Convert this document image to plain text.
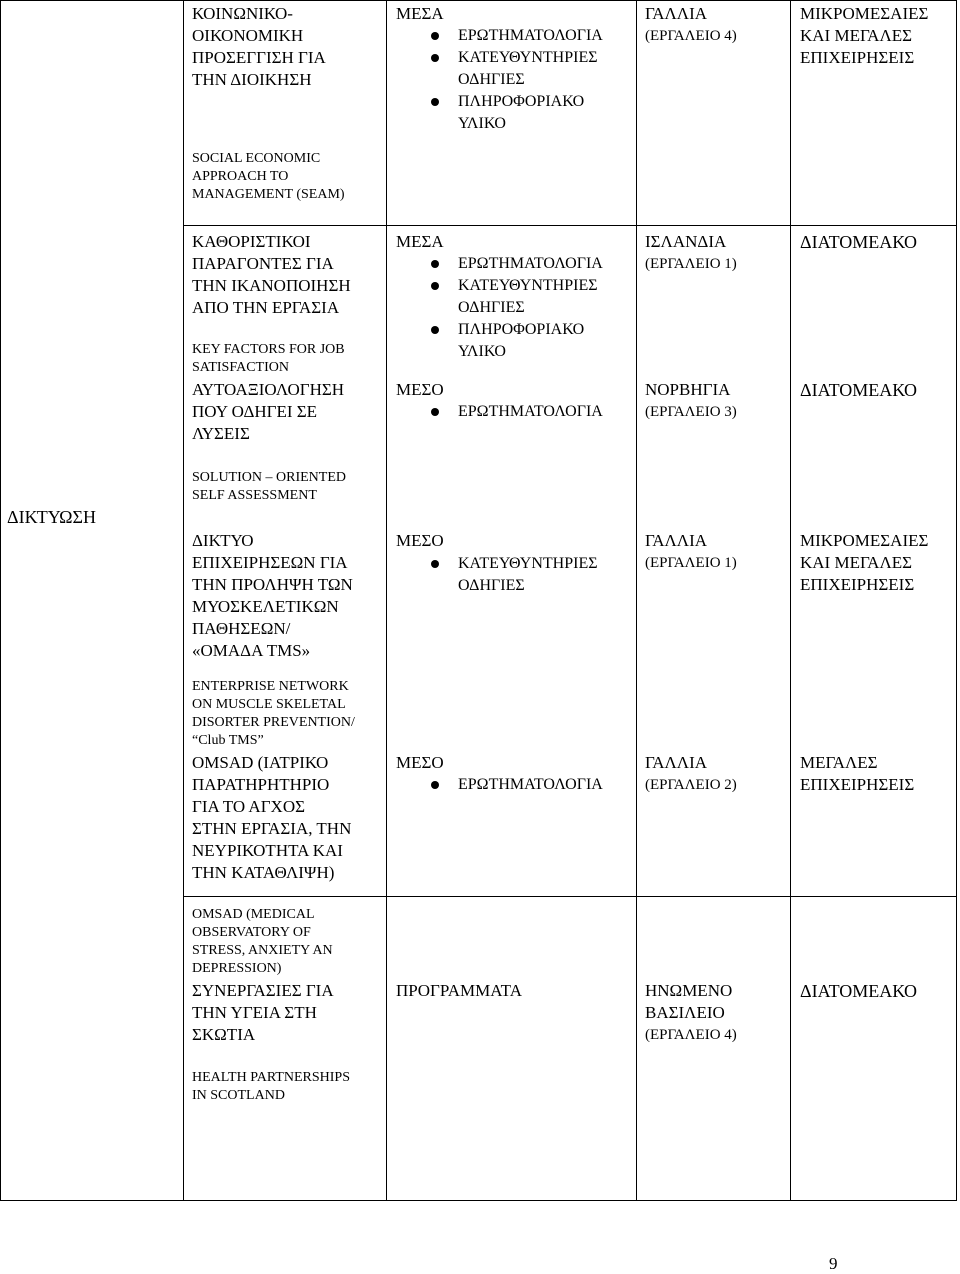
ΔΙΚΤΥΩΣΗ
ΚΟΙΝΩΝΙΚΟ-
ΟΙΚΟΝΟΜΙΚΗ
ΠΡΟΣΕΓΓΙΣΗ ΓΙΑ
ΤΗΝ ΔΙΟΙΚΗΣΗ
SOCIAL ECONOMIC
APPROACH TO
MANAGEMENT (SEAM)
ΜΕΣΑ
ΕΡΩΤΗΜΑΤΟΛΟΓΙΑ
ΚΑΤΕΥΘΥΝΤΗΡΙΕΣ
ΟΔΗΓΙΕΣ
ΠΛΗΡΟΦΟΡΙΑΚΟ
ΥΛΙΚΟ
ΓΑΛΛΙΑ
(ΕΡΓΑΛΕΙΟ 4)
ΜΙΚΡΟΜΕΣΑΙΕΣ
ΚΑΙ ΜΕΓΑΛΕΣ
ΕΠΙΧΕΙΡΗΣΕΙΣ
ΚΑΘΟΡΙΣΤΙΚΟΙ
ΠΑΡΑΓΟΝΤΕΣ ΓΙΑ
ΤΗΝ ΙΚΑΝΟΠΟΙΗΣΗ
ΑΠΟ ΤΗΝ ΕΡΓΑΣΙΑ
KEY FACTORS FOR JOB
SATISFACTION
ΜΕΣΑ
ΕΡΩΤΗΜΑΤΟΛΟΓΙΑ
ΚΑΤΕΥΘΥΝΤΗΡΙΕΣ
ΟΔΗΓΙΕΣ
ΠΛΗΡΟΦΟΡΙΑΚΟ
ΥΛΙΚΟ
ΙΣΛΑΝΔΙΑ
(ΕΡΓΑΛΕΙΟ 1)
ΔΙΑΤΟΜΕΑΚΟ
ΑΥΤΟΑΞΙΟΛΟΓΗΣΗ
ΠΟΥ ΟΔΗΓΕΙ ΣΕ
ΛΥΣΕΙΣ
SOLUTION – ORIENTED
SELF ASSESSMENT
ΜΕΣΟ
ΕΡΩΤΗΜΑΤΟΛΟΓΙΑ
ΝΟΡΒΗΓΙΑ
(ΕΡΓΑΛΕΙΟ 3)
ΔΙΑΤΟΜΕΑΚΟ
ΔΙΚΤΥΟ
ΕΠΙΧΕΙΡΗΣΕΩΝ ΓΙΑ
ΤΗΝ ΠΡΟΛΗΨΗ ΤΩΝ
ΜΥΟΣΚΕΛΕΤΙΚΩΝ
ΠΑΘΗΣΕΩΝ/
«ΟΜΑΔΑ TMS»
ENTERPRISE NETWORK
ON MUSCLE SKELETAL
DISORTER PREVENTION/
“Club TMS”
ΜΕΣΟ
ΚΑΤΕΥΘΥΝΤΗΡΙΕΣ
ΟΔΗΓΙΕΣ
ΓΑΛΛΙΑ
(ΕΡΓΑΛΕΙΟ 1)
ΜΙΚΡΟΜΕΣΑΙΕΣ
ΚΑΙ ΜΕΓΑΛΕΣ
ΕΠΙΧΕΙΡΗΣΕΙΣ
OMSAD (ΙΑΤΡΙΚΟ
ΠΑΡΑΤΗΡΗΤΗΡΙΟ
ΓΙΑ ΤΟ ΑΓΧΟΣ
ΣΤΗΝ ΕΡΓΑΣΙΑ, ΤΗΝ
ΝΕΥΡΙΚΟΤΗΤΑ ΚΑΙ
ΤΗΝ ΚΑΤΑΘΛΙΨΗ)
OMSAD (MEDICAL
OBSERVATORY OF
STRESS, ANXIETY AN
DEPRESSION)
ΜΕΣΟ
ΕΡΩΤΗΜΑΤΟΛΟΓΙΑ
ΓΑΛΛΙΑ
(ΕΡΓΑΛΕΙΟ 2)
ΜΕΓΑΛΕΣ
ΕΠΙΧΕΙΡΗΣΕΙΣ
ΣΥΝΕΡΓΑΣΙΕΣ ΓΙΑ
ΤΗΝ ΥΓΕΙΑ ΣΤΗ
ΣΚΩΤΙΑ
HEALTH PARTNERSHIPS
IN SCOTLAND
ΠΡΟΓΡΑΜΜΑΤΑ	ΗΝΩΜΕΝΟ ΒΑΣΙΛΕΙΟ
(ΕΡΓΑΛΕΙΟ 4)
ΔΙΑΤΟΜΕΑΚΟ
9
